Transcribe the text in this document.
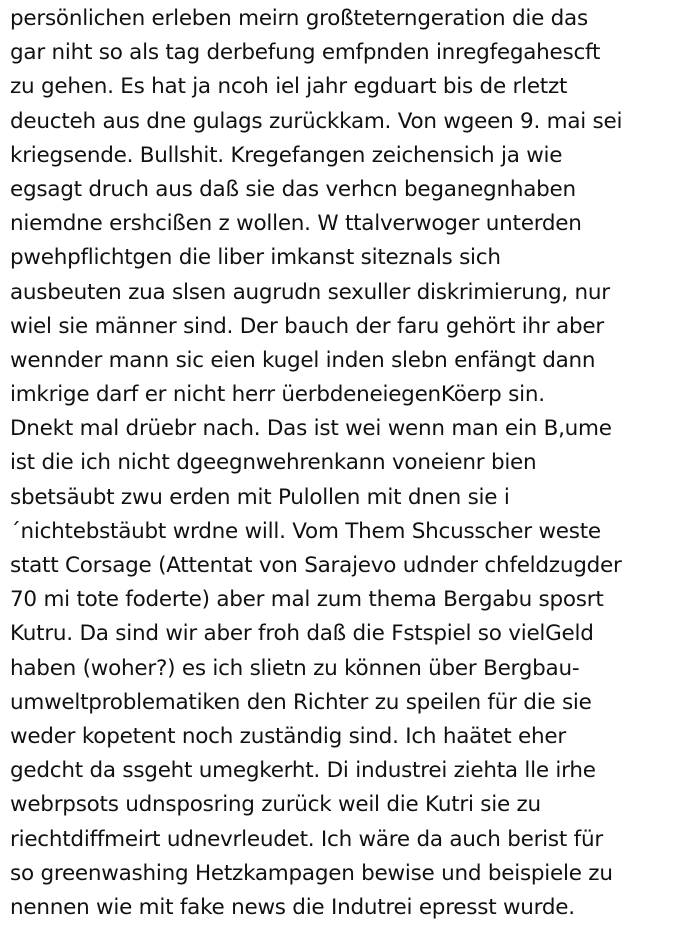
persönlichen erleben meirn großteterngeration die das
gar niht so als tag derbefung emfpnden inregfegahescft
zu gehen. Es hat ja ncoh iel jahr egduart bis de rletzt
deucteh aus dne gulags zurückkam. Von wgeen 9. mai sei
kriegsende. Bullshit. Kregefangen zeichensich ja wie
egsagt druch aus daß sie das verhcn beganegnhaben
niemdne ershcißen z wollen. W ttalverwoger unterden
pwehpflichtgen die liber imkanst siteznals sich
ausbeuten zua slsen augrudn sexuller diskrimierung, nur
wiel sie männer sind. Der bauch der faru gehört ihr aber
wennder mann sic eien kugel inden slebn enfängt dann
imkrige darf er nicht herr üerbdeneiegenKöerp sin.
Dnekt mal drüebr nach. Das ist wei wenn man ein B,ume
ist die ich nicht dgeegnwehrenkann voneienr bien
sbetsäubt zwu erden mit Pulollen mit dnen sie i
´nichtebstäubt wrdne will. Vom Them Shcusscher weste
statt Corsage (Attentat von Sarajevo udnder chfeldzugder
70 mi tote foderte) aber mal zum thema Bergabu sposrt
Kutru. Da sind wir aber froh daß die Fstspiel so vielGeld
haben (woher?) es ich slietn zu können über Bergbau-
umweltproblematiken den Richter zu speilen für die sie
weder kopetent noch zuständig sind. Ich haätet eher
gedcht da ssgeht umegkerht. Di industrei ziehta lle irhe
webrpsots udnsposring zurück weil die Kutri sie zu
riechtdiffmeirt udnevrleudet. Ich wäre da auch berist für
so greenwashing Hetzkampagen bewise und beispiele zu
nennen wie mit fake news die Indutrei epresst wurde.
